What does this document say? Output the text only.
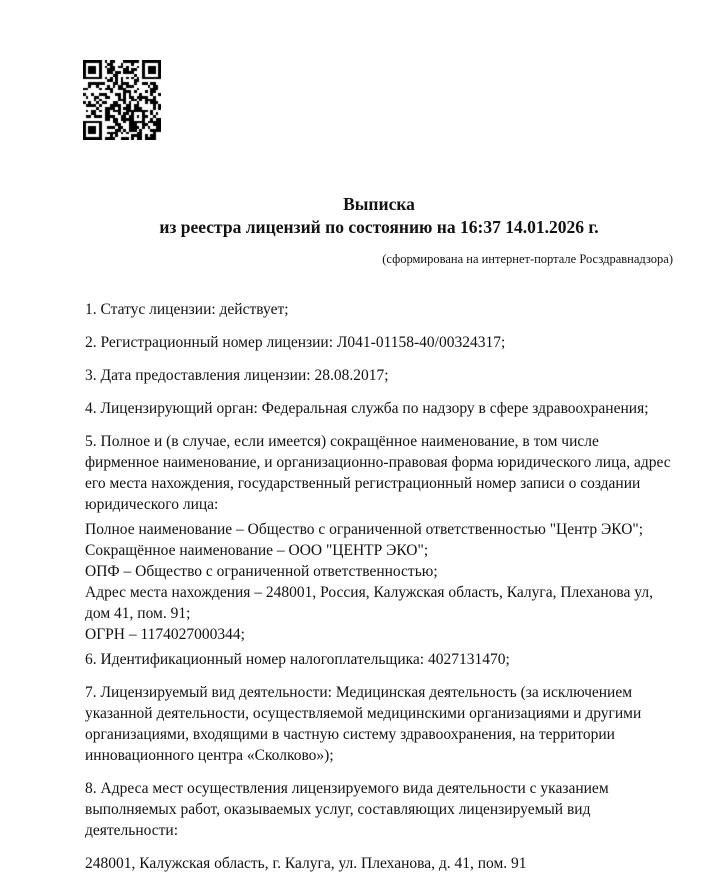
Выписка
из реестра лицензий по состоянию на 16:37 14.01.2026 г.
(сформирована на интернет-портале Росздравнадзора)

1. Статус лицензии: действует;

2. Регистрационный номер лицензии: Л041-01158-40/00324317;

3. Дата предоставления лицензии: 28.08.2017;

4. Лицензирующий орган: Федеральная служба по надзору в сфере здравоохранения;

5. Полное и (в случае, если имеется) сокращённое наименование, в том числе фирменное наименование, и организационно-правовая форма юридического лица, адрес его места нахождения, государственный регистрационный номер записи о создании юридического лица:

Полное наименование – Общество с ограниченной ответственностью "Центр ЭКО";
Сокращённое наименование – ООО "ЦЕНТР ЭКО";
ОПФ – Общество с ограниченной ответственностью;
Адрес места нахождения – 248001, Россия, Калужская область, Калуга, Плеханова ул, дом 41, пом. 91;
ОГРН – 1174027000344;

6. Идентификационный номер налогоплательщика: 4027131470;

7. Лицензируемый вид деятельности: Медицинская деятельность (за исключением указанной деятельности, осуществляемой медицинскими организациями и другими организациями, входящими в частную систему здравоохранения, на территории инновационного центра «Сколково»);

8. Адреса мест осуществления лицензируемого вида деятельности с указанием выполняемых работ, оказываемых услуг, составляющих лицензируемый вид деятельности:

248001, Калужская область, г. Калуга, ул. Плеханова, д. 41, пом. 91
